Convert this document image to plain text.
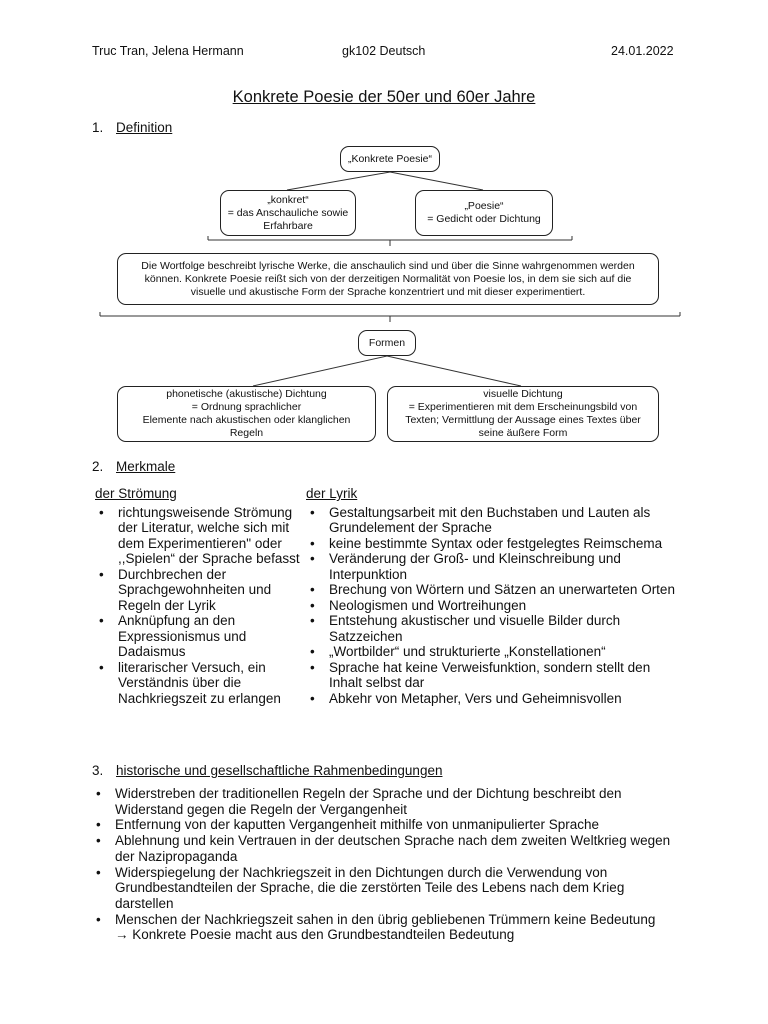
Truc Tran, Jelena Hermann	gk102 Deutsch	24.01.2022
Konkrete Poesie der 50er und 60er Jahre
1. Definition
„Konkrete Poesie“
„konkret“
= das Anschauliche sowie
Erfahrbare
„Poesie“
= Gedicht oder Dichtung
Die Wortfolge beschreibt lyrische Werke, die anschaulich sind und über die Sinne wahrgenommen werden können. Konkrete Poesie reißt sich von der derzeitigen Normalität von Poesie los, in dem sie sich auf die visuelle und akustische Form der Sprache konzentriert und mit dieser experimentiert.
Formen
phonetische (akustische) Dichtung
= Ordnung sprachlicher
Elemente nach akustischen oder klanglichen
Regeln
visuelle Dichtung
= Experimentieren mit dem Erscheinungsbild von
Texten; Vermittlung der Aussage eines Textes über
seine äußere Form
2. Merkmale
der Strömung
• richtungsweisende Strömung der Literatur, welche sich mit dem Experimentieren" oder ,,Spielen“ der Sprache befasst
• Durchbrechen der Sprachgewohnheiten und Regeln der Lyrik
• Anknüpfung an den Expressionismus und Dadaismus
• literarischer Versuch, ein Verständnis über die Nachkriegszeit zu erlangen
der Lyrik
• Gestaltungsarbeit mit den Buchstaben und Lauten als Grundelement der Sprache
• keine bestimmte Syntax oder festgelegtes Reimschema
• Veränderung der Groß- und Kleinschreibung und Interpunktion
• Brechung von Wörtern und Sätzen an unerwarteten Orten
• Neologismen und Wortreihungen
• Entstehung akustischer und visuelle Bilder durch Satzzeichen
• „Wortbilder“ und strukturierte „Konstellationen“
• Sprache hat keine Verweisfunktion, sondern stellt den Inhalt selbst dar
• Abkehr von Metapher, Vers und Geheimnisvollen
3. historische und gesellschaftliche Rahmenbedingungen
• Widerstreben der traditionellen Regeln der Sprache und der Dichtung beschreibt den Widerstand gegen die Regeln der Vergangenheit
• Entfernung von der kaputten Vergangenheit mithilfe von unmanipulierter Sprache
• Ablehnung und kein Vertrauen in der deutschen Sprache nach dem zweiten Weltkrieg wegen der Nazipropaganda
• Widerspiegelung der Nachkriegszeit in den Dichtungen durch die Verwendung von Grundbestandteilen der Sprache, die die zerstörten Teile des Lebens nach dem Krieg darstellen
• Menschen der Nachkriegszeit sahen in den übrig gebliebenen Trümmern keine Bedeutung
→ Konkrete Poesie macht aus den Grundbestandteilen Bedeutung
